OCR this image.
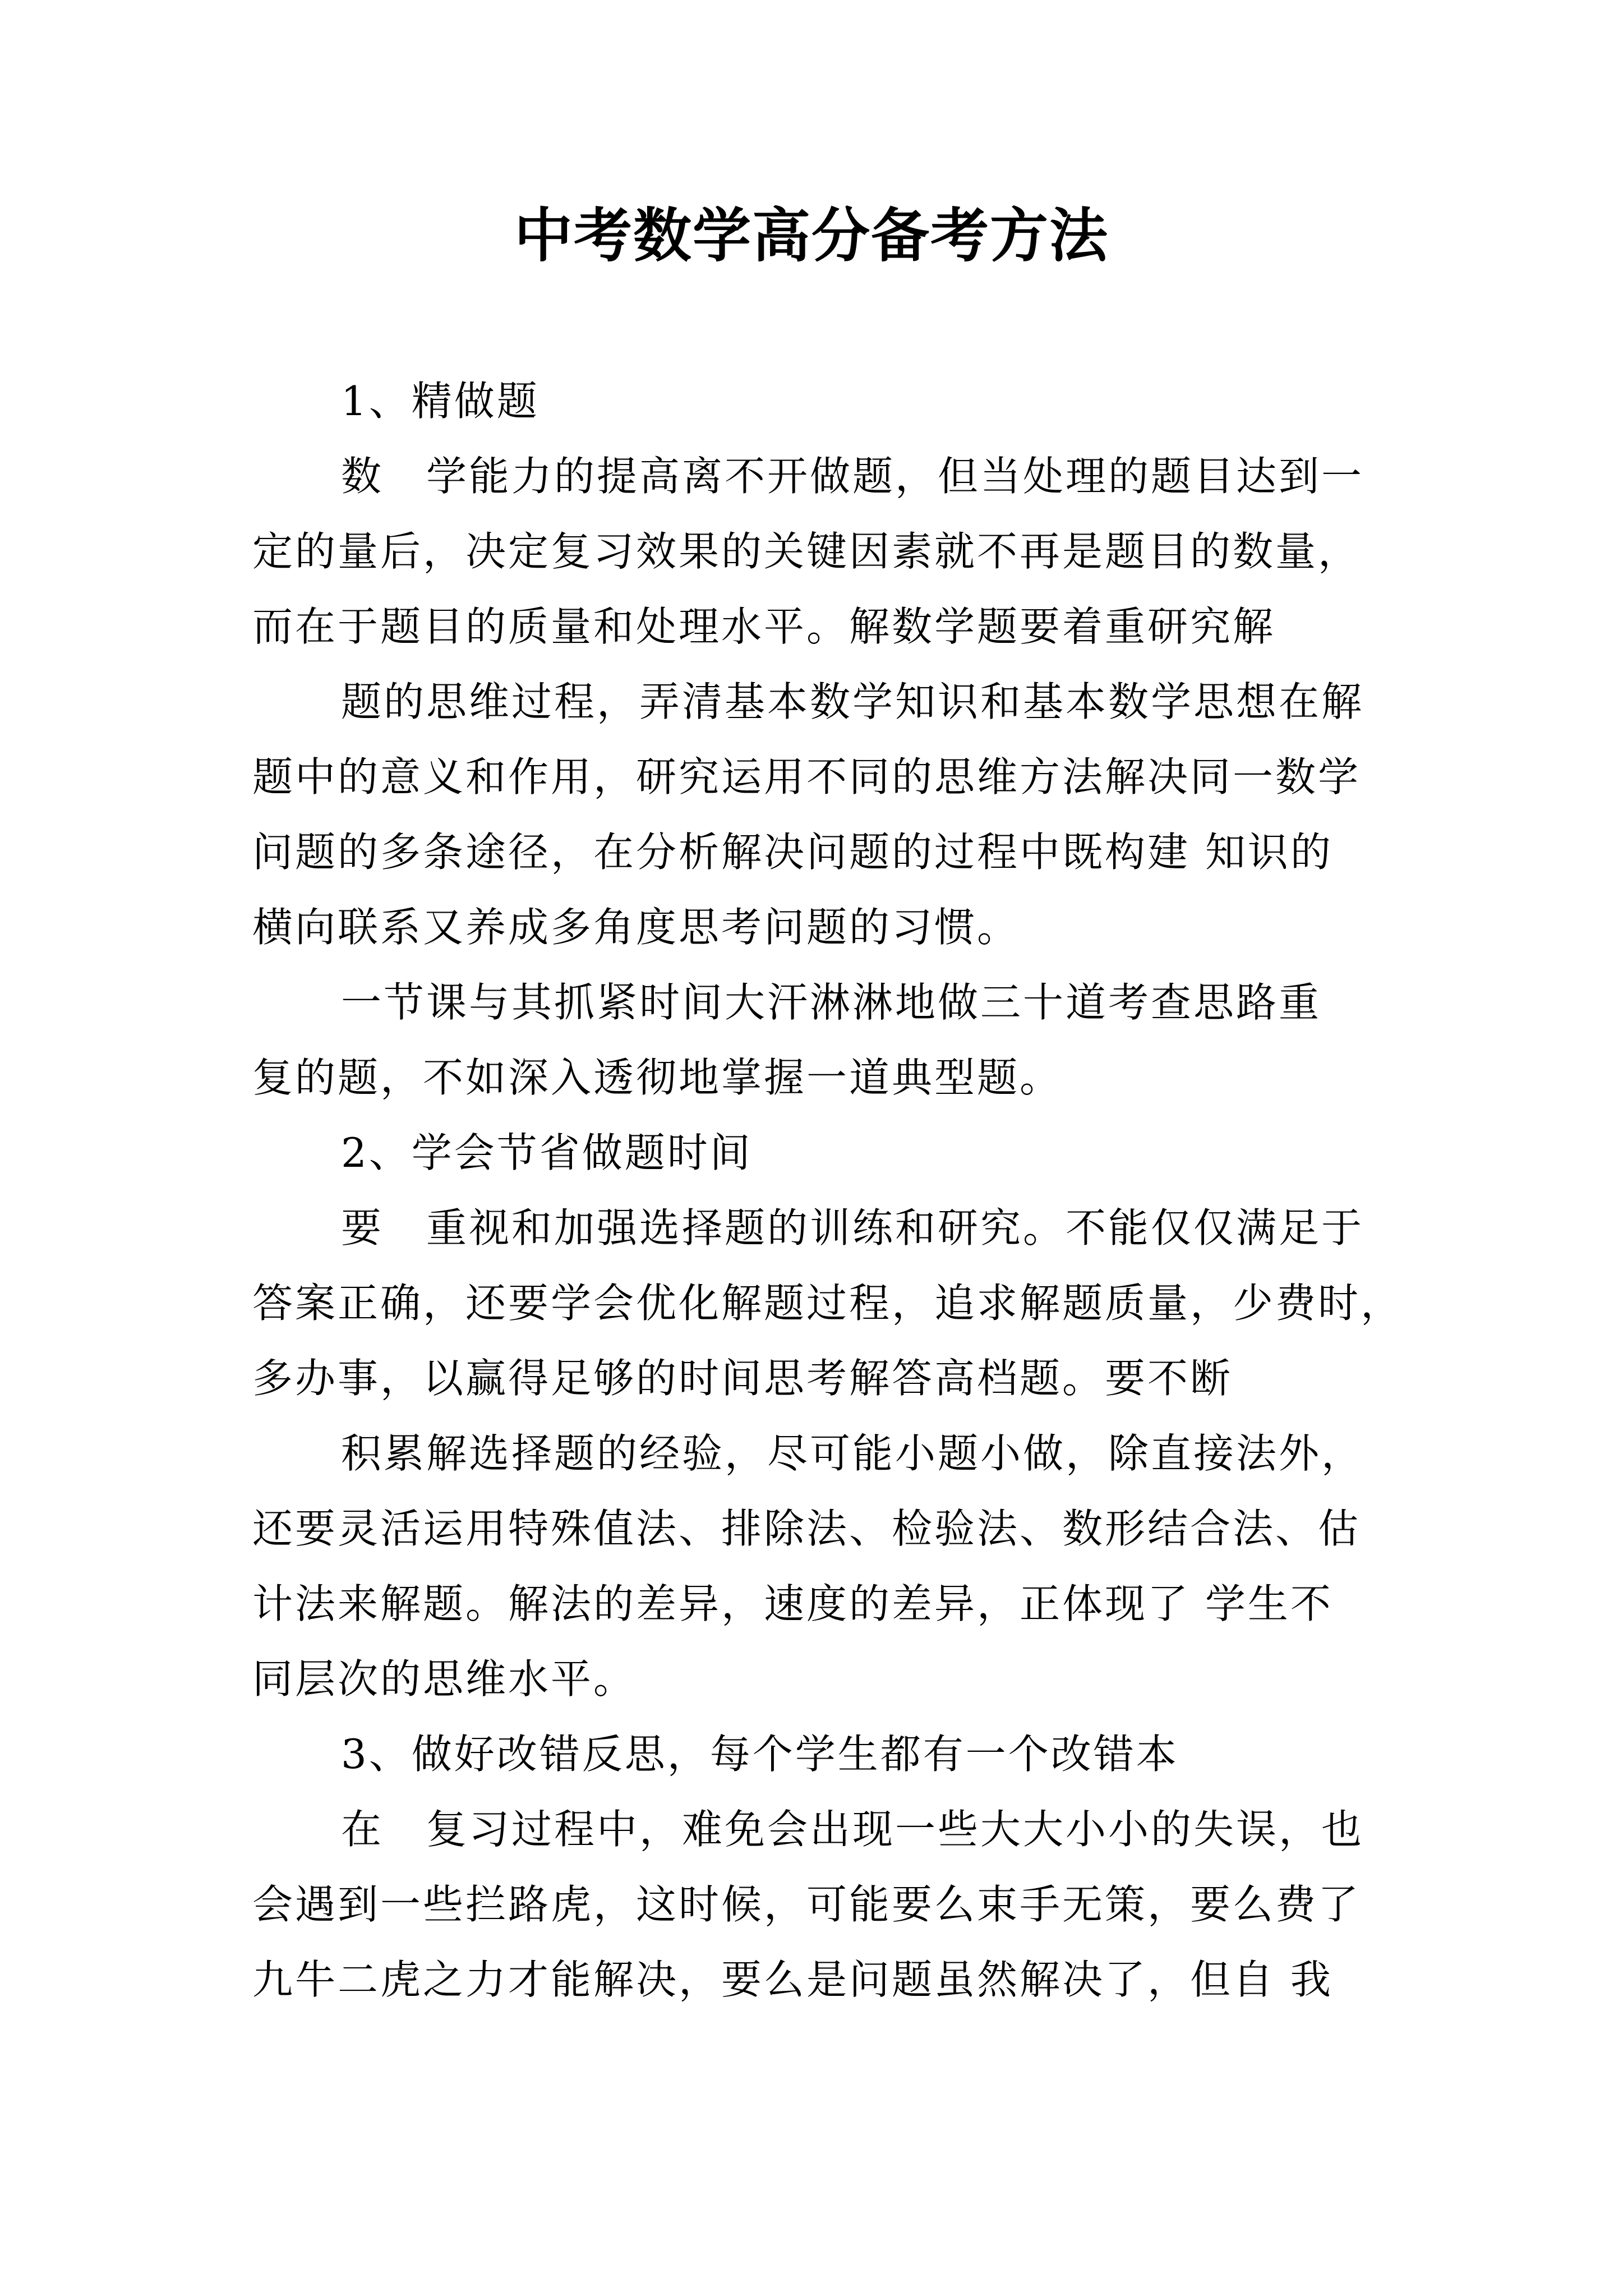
中考数学高分备考方法
1、精做题
数　学能力的提高离不开做题，但当处理的题目达到一
定的量后，决定复习效果的关键因素就不再是题目的数量，
而在于题目的质量和处理水平。解数学题要着重研究解
题的思维过程，弄清基本数学知识和基本数学思想在解
题中的意义和作用，研究运用不同的思维方法解决同一数学
问题的多条途径，在分析解决问题的过程中既构建 知识的
横向联系又养成多角度思考问题的习惯。
一节课与其抓紧时间大汗淋淋地做三十道考查思路重
复的题，不如深入透彻地掌握一道典型题。
2、学会节省做题时间
要　重视和加强选择题的训练和研究。不能仅仅满足于
答案正确，还要学会优化解题过程，追求解题质量，少费时，
多办事，以赢得足够的时间思考解答高档题。要不断
积累解选择题的经验，尽可能小题小做，除直接法外，
还要灵活运用特殊值法、排除法、检验法、数形结合法、估
计法来解题。解法的差异，速度的差异，正体现了 学生不
同层次的思维水平。
3、做好改错反思，每个学生都有一个改错本
在　复习过程中，难免会出现一些大大小小的失误，也
会遇到一些拦路虎，这时候，可能要么束手无策，要么费了
九牛二虎之力才能解决，要么是问题虽然解决了，但自 我
